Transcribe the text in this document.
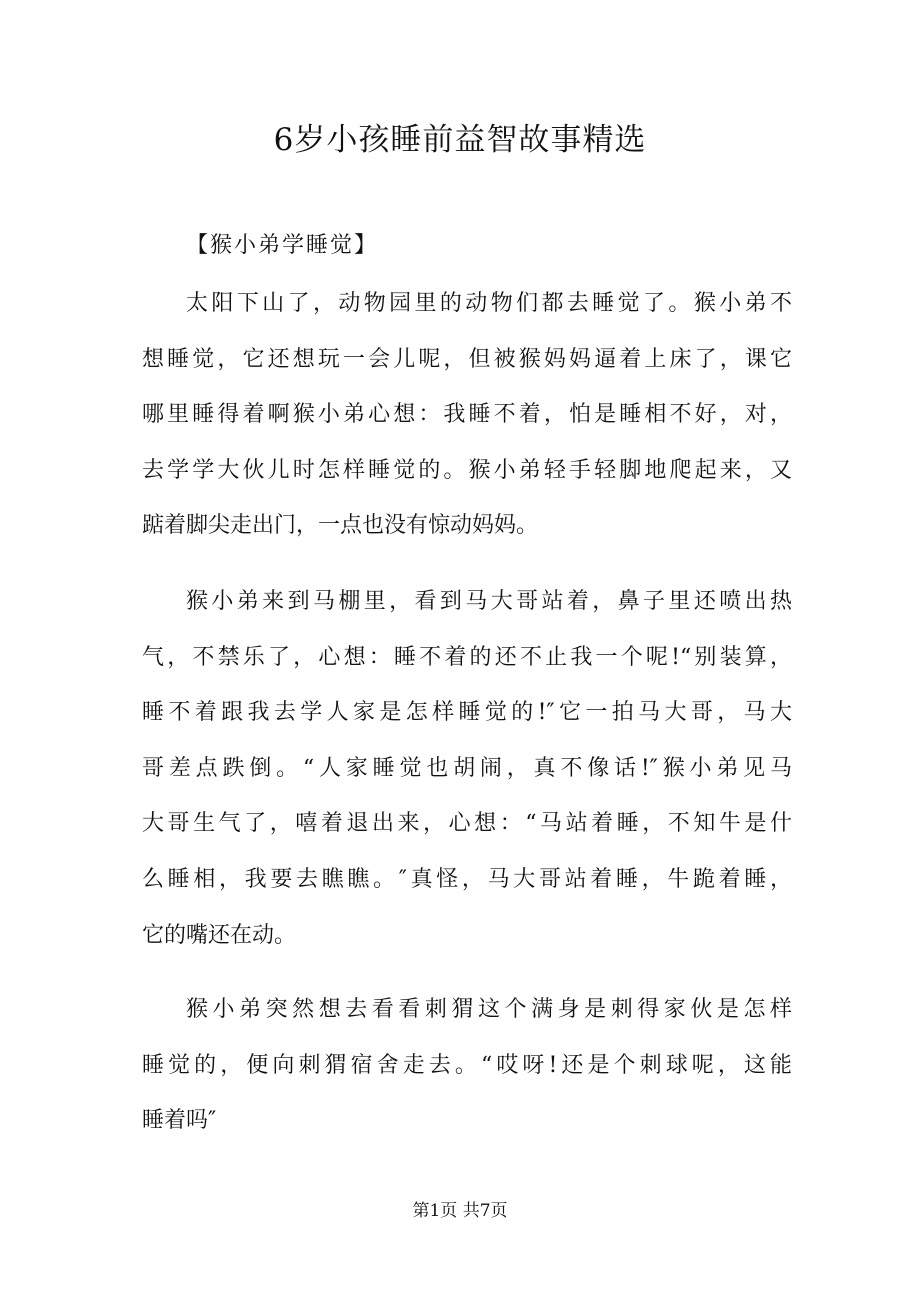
6岁小孩睡前益智故事精选

【猴小弟学睡觉】

太阳下山了，动物园里的动物们都去睡觉了。猴小弟不
想睡觉，它还想玩一会儿呢，但被猴妈妈逼着上床了，课它
哪里睡得着啊猴小弟心想：我睡不着，怕是睡相不好，对，
去学学大伙儿时怎样睡觉的。猴小弟轻手轻脚地爬起来，又
踮着脚尖走出门，一点也没有惊动妈妈。

猴小弟来到马棚里，看到马大哥站着，鼻子里还喷出热
气，不禁乐了，心想：睡不着的还不止我一个呢!“别装算，
睡不着跟我去学人家是怎样睡觉的!″它一拍马大哥，马大
哥差点跌倒。“人家睡觉也胡闹，真不像话!″猴小弟见马
大哥生气了，嘻着退出来，心想：“马站着睡，不知牛是什
么睡相，我要去瞧瞧。″真怪，马大哥站着睡，牛跪着睡，
它的嘴还在动。

猴小弟突然想去看看刺猬这个满身是刺得家伙是怎样
睡觉的，便向刺猬宿舍走去。“哎呀!还是个刺球呢，这能
睡着吗″

第1页 共7页
